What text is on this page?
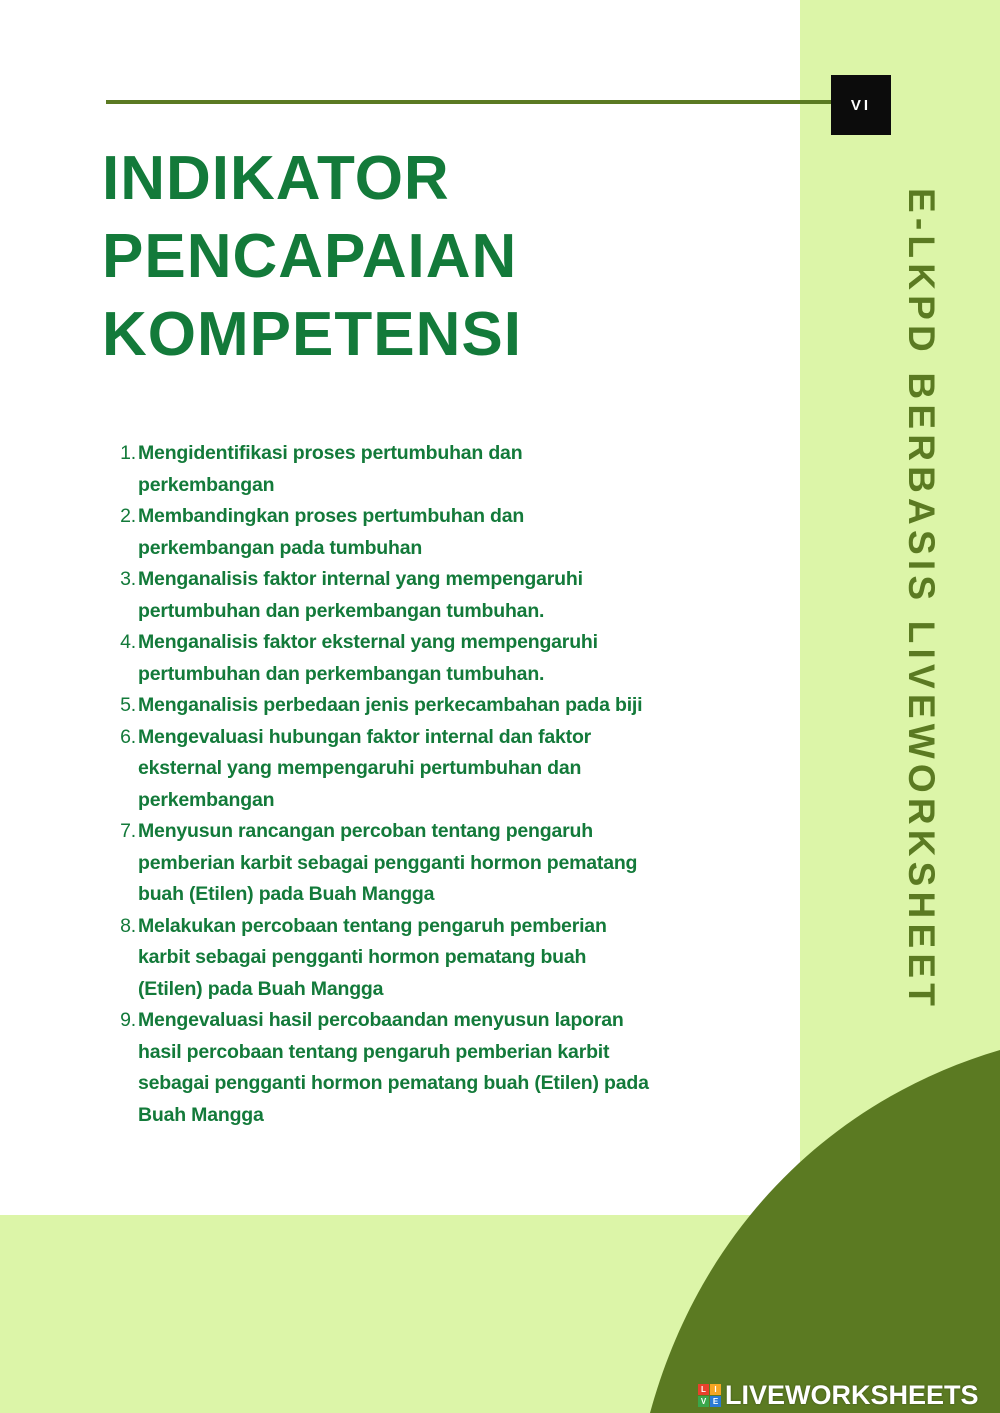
VI
INDIKATOR
PENCAPAIAN
KOMPETENSI	E-LKPD BERBASIS LIVEWORKSHEET
1. Mengidentifikasi proses pertumbuhan dan
perkembangan
2. Membandingkan proses pertumbuhan dan
perkembangan pada tumbuhan
3. Menganalisis faktor internal yang mempengaruhi
pertumbuhan dan perkembangan tumbuhan.
4. Menganalisis faktor eksternal yang mempengaruhi
pertumbuhan dan perkembangan tumbuhan.
5. Menganalisis perbedaan jenis perkecambahan pada biji
6. Mengevaluasi hubungan faktor internal dan faktor
eksternal yang mempengaruhi pertumbuhan dan
perkembangan
7. Menyusun rancangan percoban tentang pengaruh
pemberian karbit sebagai pengganti hormon pematang
buah (Etilen) pada Buah Mangga
8. Melakukan percobaan tentang pengaruh pemberian
karbit sebagai pengganti hormon pematang buah
(Etilen) pada Buah Mangga
9. Mengevaluasi hasil percobaandan menyusun laporan
hasil percobaan tentang pengaruh pemberian karbit
sebagai pengganti hormon pematang buah (Etilen) pada
Buah Mangga
L	I
V E LIVEWORKSHEETS
